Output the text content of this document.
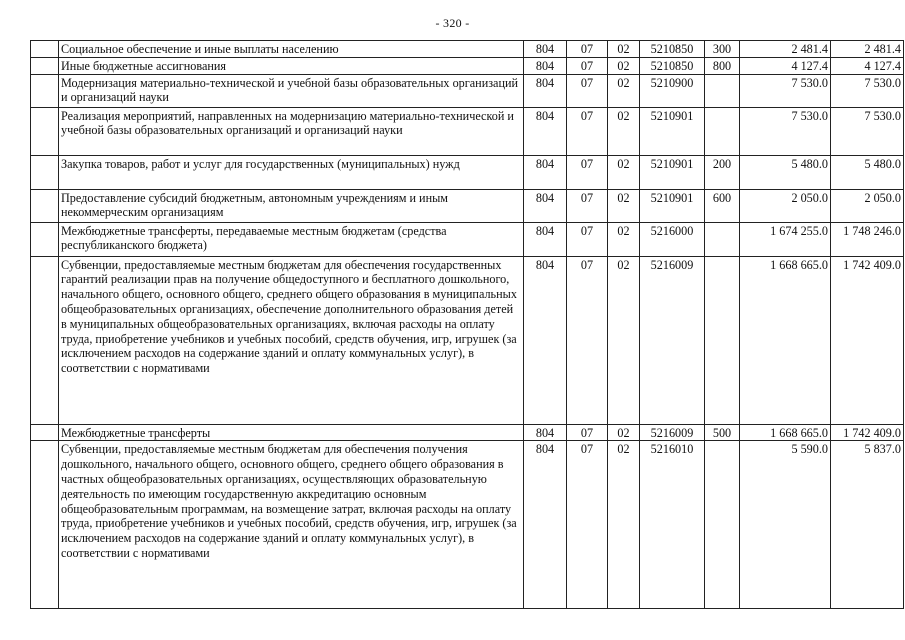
- 320 -
	Социальное обеспечение и иные выплаты населению	804	07	02	5210850	300	2 481.4	2 481.4
	Иные бюджетные ассигнования	804	07	02	5210850	800	4 127.4	4 127.4
	Модернизация материально-технической и учебной базы образовательных организаций и организаций науки	804	07	02	5210900		7 530.0	7 530.0
	Реализация мероприятий, направленных на модернизацию материально-технической и учебной базы образовательных организаций и организаций науки	804	07	02	5210901		7 530.0	7 530.0
	Закупка товаров, работ и услуг для государственных (муниципальных) нужд	804	07	02	5210901	200	5 480.0	5 480.0
	Предоставление субсидий бюджетным, автономным учреждениям и иным некоммерческим организациям	804	07	02	5210901	600	2 050.0	2 050.0
	Межбюджетные трансферты, передаваемые местным бюджетам (средства республиканского бюджета)	804	07	02	5216000		1 674 255.0	1 748 246.0
	Субвенции, предоставляемые местным бюджетам для обеспечения государственных гарантий реализации прав на получение общедоступного и бесплатного дошкольного, начального общего, основного общего, среднего общего образования в муниципальных общеобразовательных организациях, обеспечение дополнительного образования детей в муниципальных общеобразовательных организациях, включая расходы на оплату труда, приобретение учебников и учебных пособий, средств обучения, игр, игрушек (за исключением расходов на содержание зданий и оплату коммунальных услуг), в соответствии с нормативами	804	07	02	5216009		1 668 665.0	1 742 409.0
	Межбюджетные трансферты	804	07	02	5216009	500	1 668 665.0	1 742 409.0
	Субвенции, предоставляемые местным бюджетам для обеспечения получения дошкольного, начального общего, основного общего, среднего общего образования в частных общеобразовательных организациях, осуществляющих образовательную деятельность по имеющим государственную аккредитацию основным общеобразовательным программам, на возмещение затрат, включая расходы на оплату труда, приобретение учебников и учебных пособий, средств обучения, игр, игрушек (за исключением расходов на содержание зданий и оплату коммунальных услуг), в соответствии с нормативами	804	07	02	5216010		5 590.0	5 837.0
